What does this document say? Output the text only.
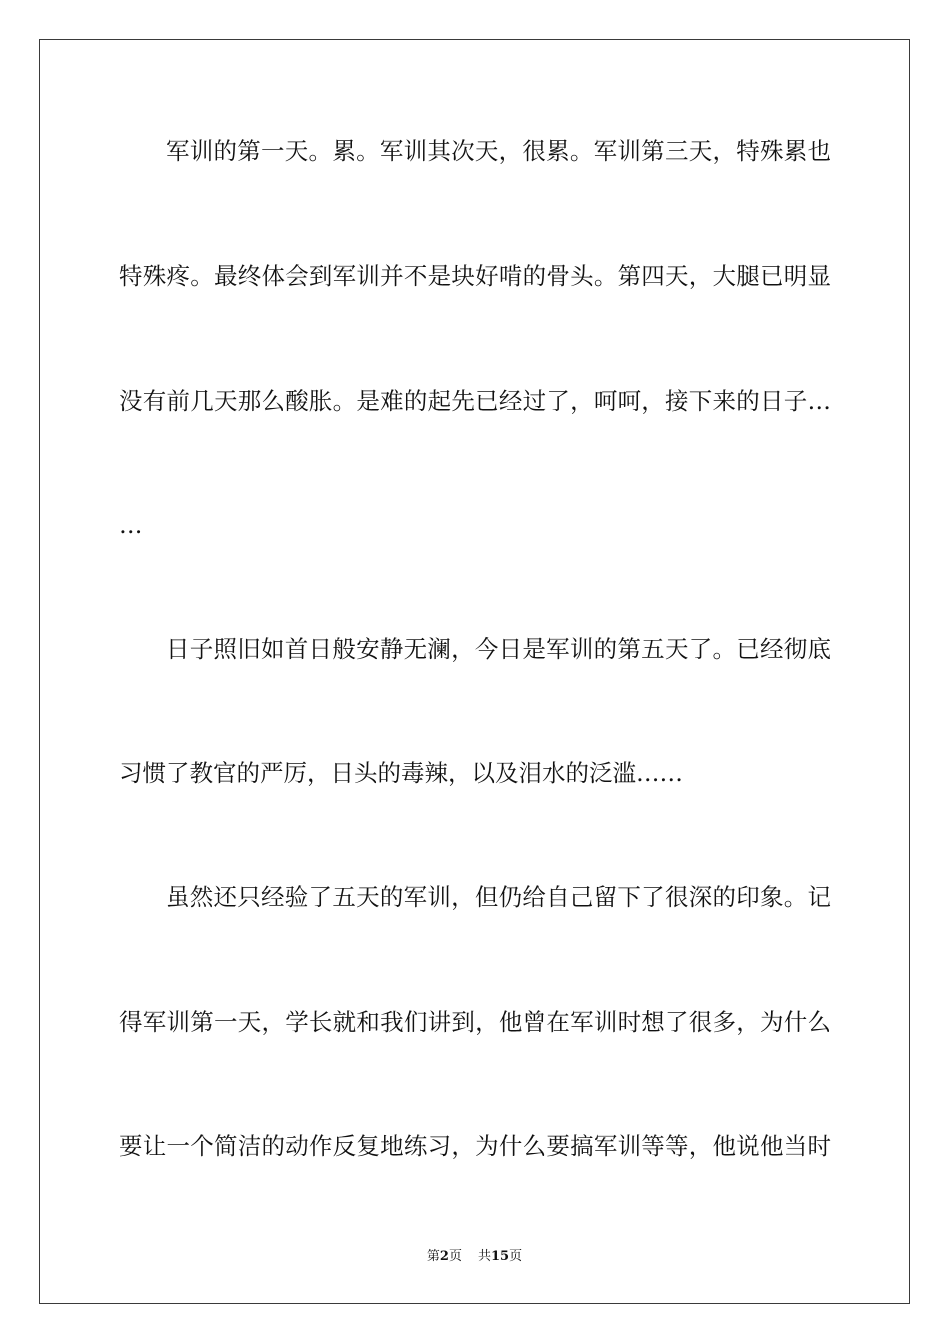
军训的第一天。累。军训其次天，很累。军训第三天，特殊累也

特殊疼。最终体会到军训并不是块好啃的骨头。第四天，大腿已明显

没有前几天那么酸胀。是难的起先已经过了，呵呵，接下来的日子…

…

日子照旧如首日般安静无澜，今日是军训的第五天了。已经彻底

习惯了教官的严厉，日头的毒辣，以及泪水的泛滥……

虽然还只经验了五天的军训，但仍给自己留下了很深的印象。记

得军训第一天，学长就和我们讲到，他曾在军训时想了很多，为什么

要让一个简洁的动作反复地练习，为什么要搞军训等等，他说他当时

第2页 共15页
